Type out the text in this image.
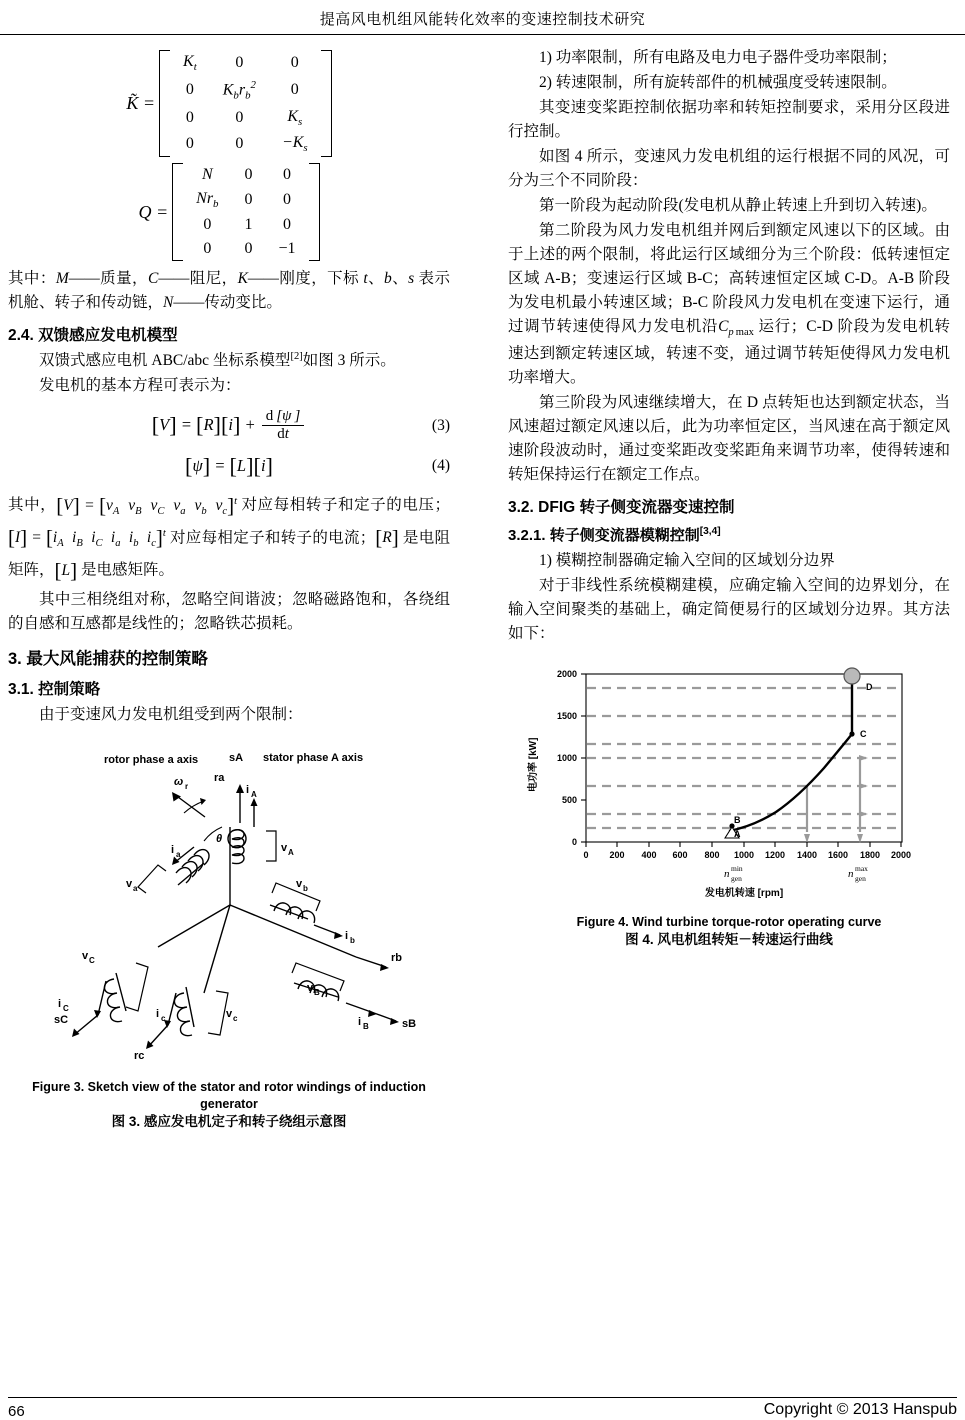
提高风电机组风能转化效率的变速控制技术研究
K̃ =

$K_t$	0	0
0	$K_br_b^2$	0
0	0	$K_s$
0	0	$-K_s$

Q =

N	0	0
$Nr_b$	0	0
0	1	0
0	0	−1

其中：M——质量，C——阻尼，K——刚度，下标 t、b、s 表示机舱、转子和传动链，N——传动变比。

2.4. 双馈感应发电机模型

双馈式感应电机 ABC/abc 坐标系模型[2]如图 3 所示。

发电机的基本方程可表示为：

$[V] = [R][i] + \frac{d [\psi ]}{dt}$	(3)
[ψ] = [L][i]	(4)

其中，$[V] = [v_A$  $v_B$  $v_C$  $v_a$  $v_b$  $v_c]^t$ 对应每相转子和定子的电压；$[I] = [i_A$  $i_B$  $i_C$  $i_a$  $i_b$  $i_c]^t$ 对应每相定子和转子的电流；[R] 是电阻矩阵，[L] 是电感矩阵。

其中三相绕组对称，忽略空间谐波；忽略磁路饱和，各绕组的自感和互感都是线性的；忽略铁芯损耗。

3. 最大风能捕获的控制策略
3.1. 控制策略

由于变速风力发电机组受到两个限制：

rotor phase a axis	stator phase A axis
sA
ra
ω r
θ
i A
v A
i a
v a	v b
i b
rb
v B
i B	sB
v c
i c
rc
v C
i C
sC
Figure 3. Sketch view of the stator and rotor windings of induction generator
图 3. 感应发电机定子和转子绕组示意图

1) 功率限制，所有电路及电力电子器件受功率限制；

2) 转速限制，所有旋转部件的机械强度受转速限制。

其变速变桨距控制依据功率和转矩控制要求，采用分区段进行控制。

如图 4 所示，变速风力发电机组的运行根据不同的风况，可分为三个不同阶段：

第一阶段为起动阶段(发电机从静止转速上升到切入转速)。

第二阶段为风力发电机组并网后到额定风速以下的区域。由于上述的两个限制，将此运行区域细分为三个阶段：低转速恒定区域 A-B；变速运行区域 B-C；高转速恒定区域 C-D。A-B 阶段为发电机最小转速区域；B-C 阶段风力发电机在变速下运行，通过调节转速使得风力发电机沿$C_p$ $_{max}$ 运行；C-D 阶段为发电机转速达到额定转速区域，转速不变，通过调节转矩使得风力发电机功率增大。

第三阶段为风速继续增大，在 D 点转矩也达到额定状态，当风速超过额定风速以后，此为功率恒定区，当风速在高于额定风速阶段波动时，通过变桨距改变桨距角来调节功率，使得转速和转矩保持运行在额定工作点。

3.2. DFIG 转子侧变流器变速控制
3.2.1. 转子侧变流器模糊控制[3,4]

1) 模糊控制器确定输入空间的区域划分边界

对于非线性系统模糊建模，应确定输入空间的边界划分，在输入空间聚类的基础上，确定简便易行的区域划分边界。其方法如下：

0
500
1000
1500
2000
0 200 400 600 800 1000 1200 1400 1600 1800 2000
B
A
C
D
电功率 [kW]
发电机转速 [rpm]
n gen
min	n gen
max
Figure 4. Wind turbine torque-rotor operating curve
图 4. 风电机组转矩－转速运行曲线
66	Copyright © 2013 Hanspub
